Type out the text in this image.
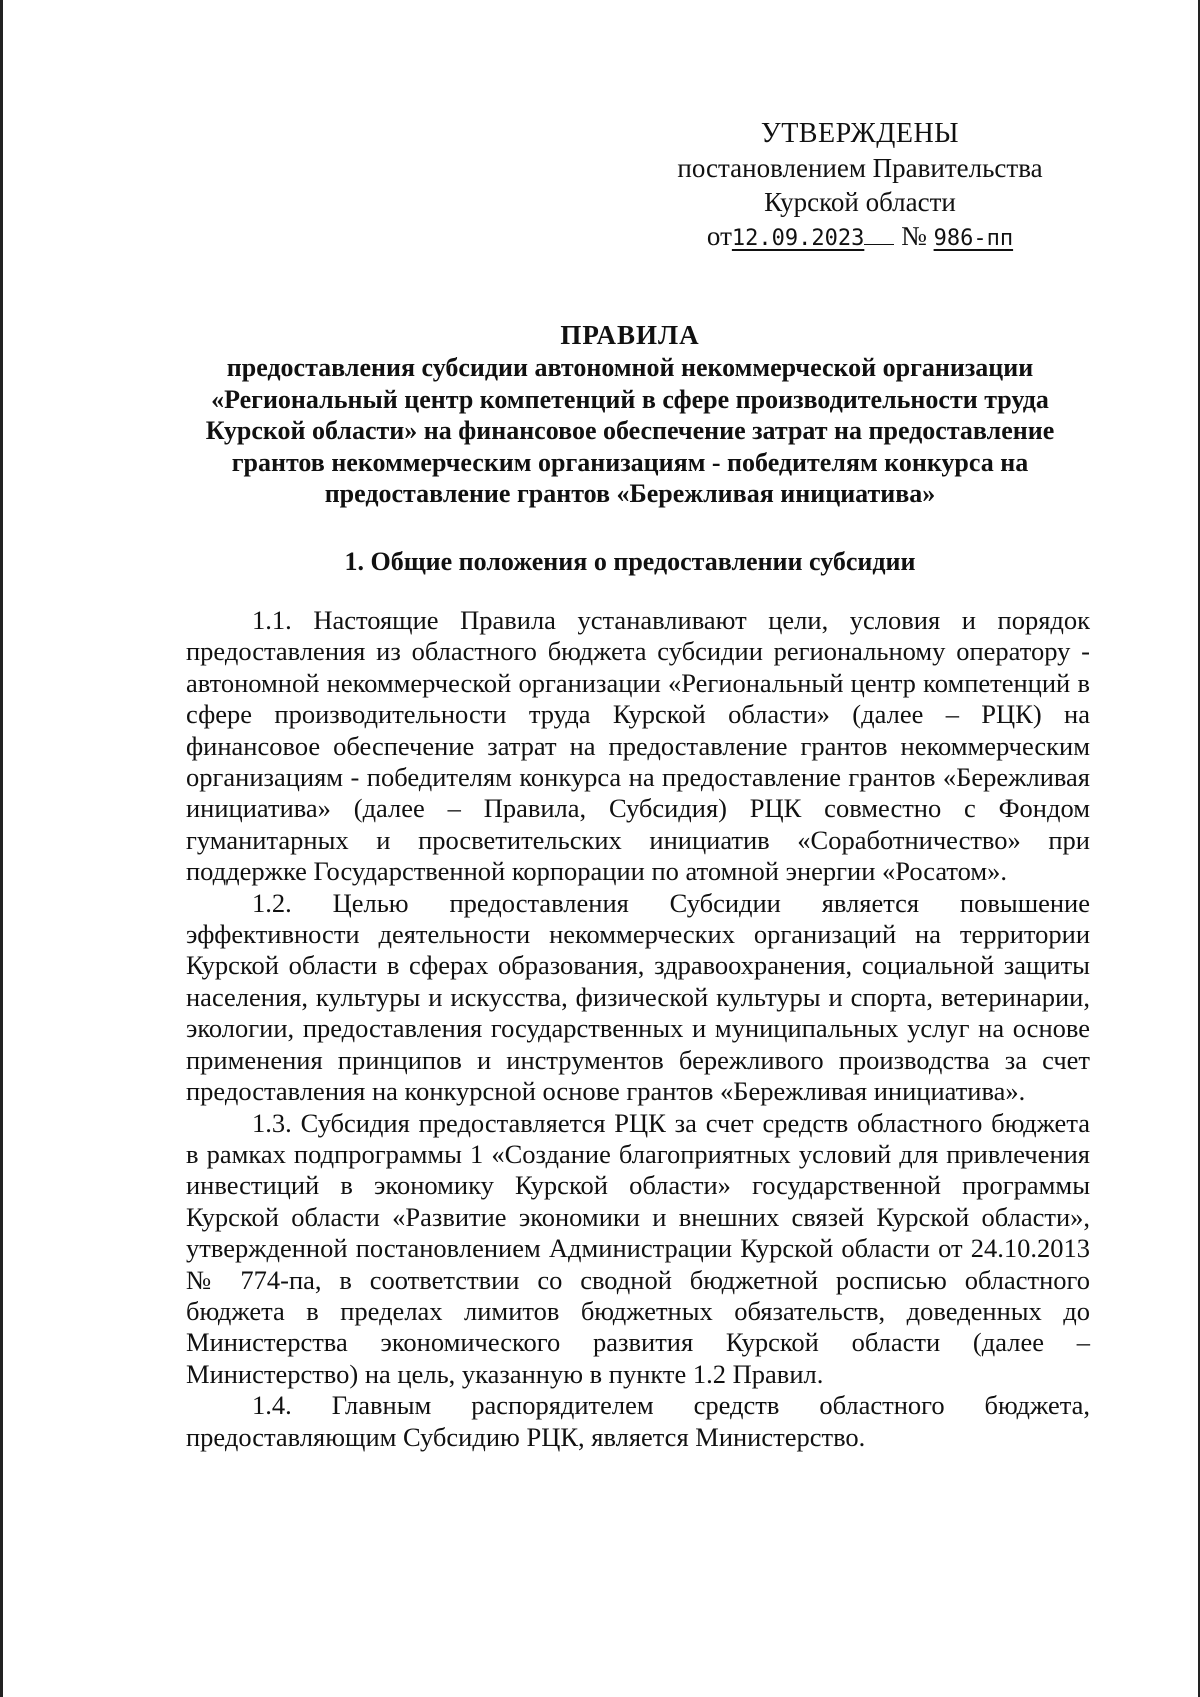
УТВЕРЖДЕНЫ
постановлением Правительства
Курской области
от12.09.2023 № 986-пп
ПРАВИЛА
предоставления субсидии автономной некоммерческой организации «Региональный центр компетенций в сфере производительности труда Курской области» на финансовое обеспечение затрат на предоставление грантов некоммерческим организациям - победителям конкурса на предоставление грантов «Бережливая инициатива»
1. Общие положения о предоставлении субсидии

1.1. Настоящие Правила устанавливают цели, условия и порядок предоставления из областного бюджета субсидии региональному оператору - автономной некоммерческой организации «Региональный центр компетенций в сфере производительности труда Курской области» (далее – РЦК) на финансовое обеспечение затрат на предоставление грантов некоммерческим организациям - победителям конкурса на предоставление грантов «Бережливая инициатива» (далее – Правила, Субсидия) РЦК совместно с Фондом гуманитарных и просветительских инициатив «Соработничество» при поддержке Государственной корпорации по атомной энергии «Росатом».

1.2. Целью предоставления Субсидии является повышение эффективности деятельности некоммерческих организаций на территории Курской области в сферах образования, здравоохранения, социальной защиты населения, культуры и искусства, физической культуры и спорта, ветеринарии, экологии, предоставления государственных и муниципальных услуг на основе применения принципов и инструментов бережливого производства за счет предоставления на конкурсной основе грантов «Бережливая инициатива».

1.3. Субсидия предоставляется РЦК за счет средств областного бюджета в рамках подпрограммы 1 «Создание благоприятных условий для привлечения инвестиций в экономику Курской области» государственной программы Курской области «Развитие экономики и внешних связей Курской области», утвержденной постановлением Администрации Курской области от 24.10.2013 № 774-па, в соответствии со сводной бюджетной росписью областного бюджета в пределах лимитов бюджетных обязательств, доведенных до Министерства экономического развития Курской области (далее – Министерство) на цель, указанную в пункте 1.2 Правил.

1.4. Главным распорядителем средств областного бюджета, предоставляющим Субсидию РЦК, является Министерство.
